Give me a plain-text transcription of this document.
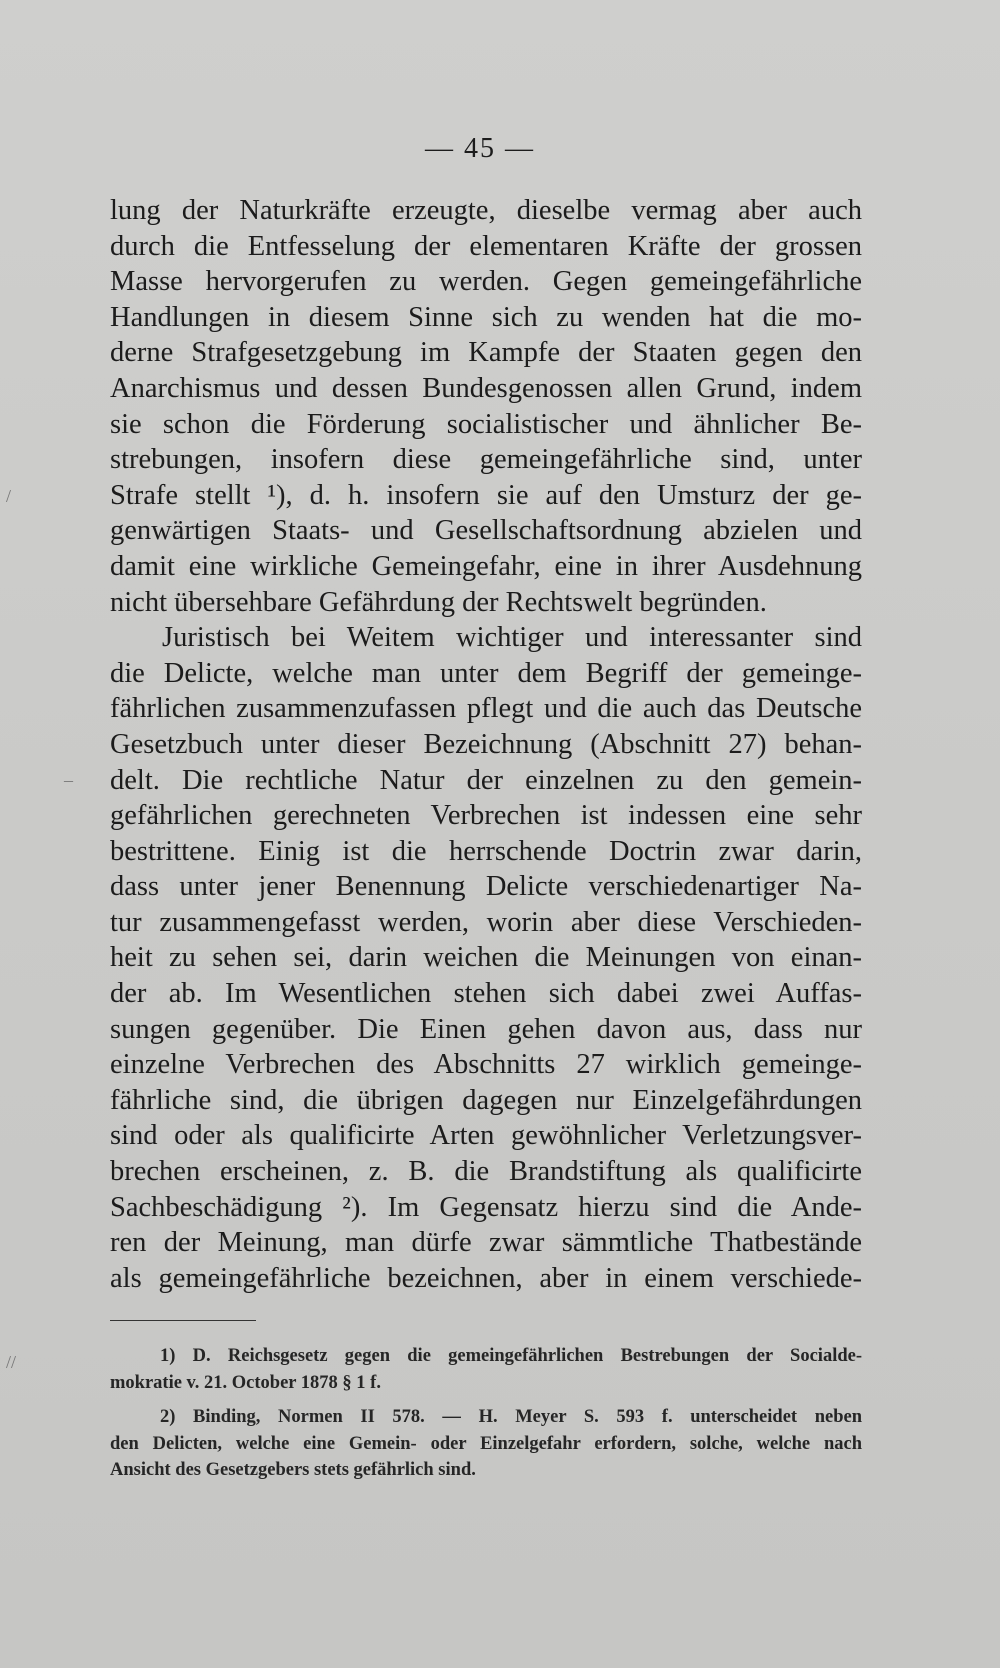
— 45 —
lung der Naturkräfte erzeugte, dieselbe vermag aber auch
durch die Entfesselung der elementaren Kräfte der grossen
Masse hervorgerufen zu werden. Gegen gemeingefährliche
Handlungen in diesem Sinne sich zu wenden hat die mo-
derne Strafgesetzgebung im Kampfe der Staaten gegen den
Anarchismus und dessen Bundesgenossen allen Grund, indem
sie schon die Förderung socialistischer und ähnlicher Be-
strebungen, insofern diese gemeingefährliche sind, unter
Strafe stellt ¹), d. h. insofern sie auf den Umsturz der ge-
genwärtigen Staats- und Gesellschaftsordnung abzielen und
damit eine wirkliche Gemeingefahr, eine in ihrer Ausdehnung
nicht übersehbare Gefährdung der Rechtswelt begründen.
Juristisch bei Weitem wichtiger und interessanter sind
die Delicte, welche man unter dem Begriff der gemeinge-
fährlichen zusammenzufassen pflegt und die auch das Deutsche
Gesetzbuch unter dieser Bezeichnung (Abschnitt 27) behan-
delt. Die rechtliche Natur der einzelnen zu den gemein-
gefährlichen gerechneten Verbrechen ist indessen eine sehr
bestrittene. Einig ist die herrschende Doctrin zwar darin,
dass unter jener Benennung Delicte verschiedenartiger Na-
tur zusammengefasst werden, worin aber diese Verschieden-
heit zu sehen sei, darin weichen die Meinungen von einan-
der ab. Im Wesentlichen stehen sich dabei zwei Auffas-
sungen gegenüber. Die Einen gehen davon aus, dass nur
einzelne Verbrechen des Abschnitts 27 wirklich gemeinge-
fährliche sind, die übrigen dagegen nur Einzelgefährdungen
sind oder als qualificirte Arten gewöhnlicher Verletzungsver-
brechen erscheinen, z. B. die Brandstiftung als qualificirte
Sachbeschädigung ²). Im Gegensatz hierzu sind die Ande-
ren der Meinung, man dürfe zwar sämmtliche Thatbestände
als gemeingefährliche bezeichnen, aber in einem verschiede-
1) D. Reichsgesetz gegen die gemeingefährlichen Bestrebungen der Socialde-
mokratie v. 21. October 1878 § 1 f.
2) Binding, Normen II 578. — H. Meyer S. 593 f. unterscheidet neben
den Delicten, welche eine Gemein- oder Einzelgefahr erfordern, solche, welche nach
Ansicht des Gesetzgebers stets gefährlich sind.
/
–
//
